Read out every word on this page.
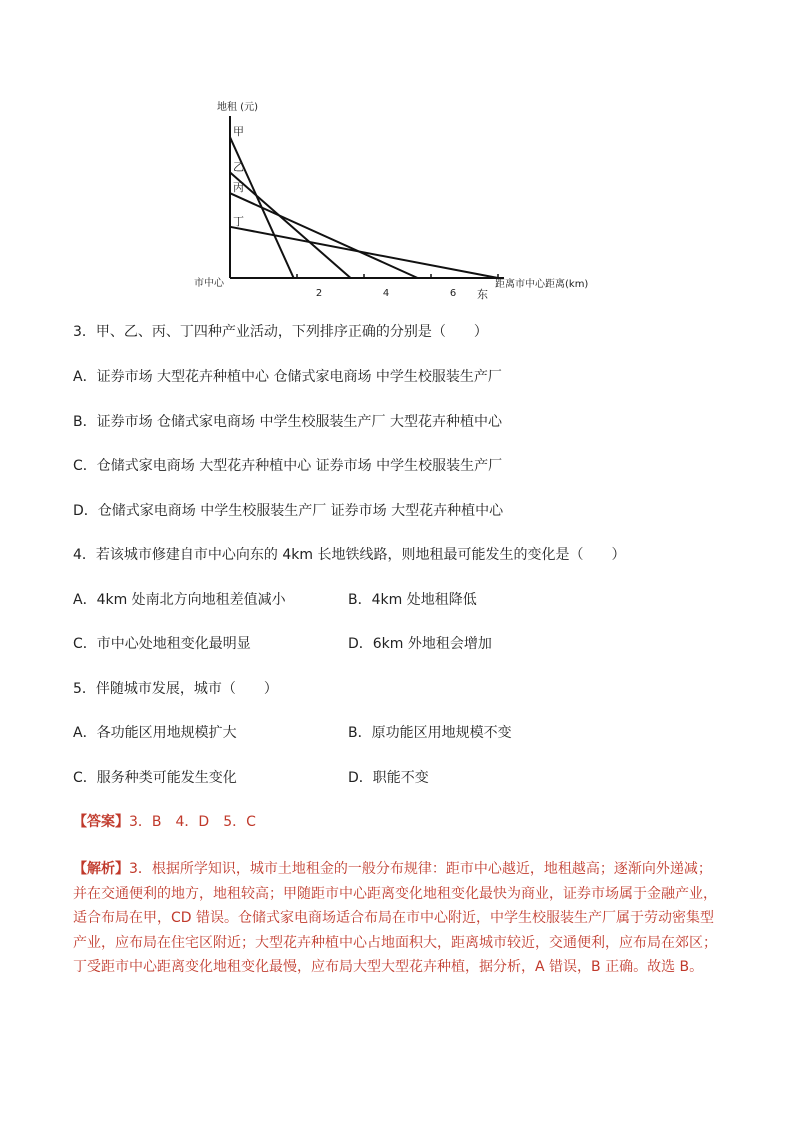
甲
乙
丙
丁
2	4	6
地租 (元)
距离市中心距离(km)
市中心
东
3．甲、乙、丙、丁四种产业活动，下列排序正确的分别是（　　）
A．证券市场 大型花卉种植中心 仓储式家电商场 中学生校服装生产厂
B．证券市场 仓储式家电商场 中学生校服装生产厂 大型花卉种植中心
C．仓储式家电商场 大型花卉种植中心 证券市场 中学生校服装生产厂
D．仓储式家电商场 中学生校服装生产厂 证券市场 大型花卉种植中心
4．若该城市修建自市中心向东的 4km 长地铁线路，则地租最可能发生的变化是（　　）
A．4km 处南北方向地租差值减小	B．4km 处地租降低
C．市中心处地租变化最明显	D．6km 外地租会增加
5．伴随城市发展，城市（　　）
A．各功能区用地规模扩大	B．原功能区用地规模不变
C．服务种类可能发生变化	D．职能不变
【答案】3．B　4．D　5．C
【解析】3．根据所学知识，城市土地租金的一般分布规律：距市中心越近，地租越高；逐渐向外递减；并在交通便利的地方，地租较高；甲随距市中心距离变化地租变化最快为商业，证券市场属于金融产业，适合布局在甲，CD 错误。仓储式家电商场适合布局在市中心附近，中学生校服装生产厂属于劳动密集型产业，应布局在住宅区附近；大型花卉种植中心占地面积大，距离城市较近，交通便利，应布局在郊区；丁受距市中心距离变化地租变化最慢，应布局大型大型花卉种植，据分析，A 错误，B 正确。故选 B。
